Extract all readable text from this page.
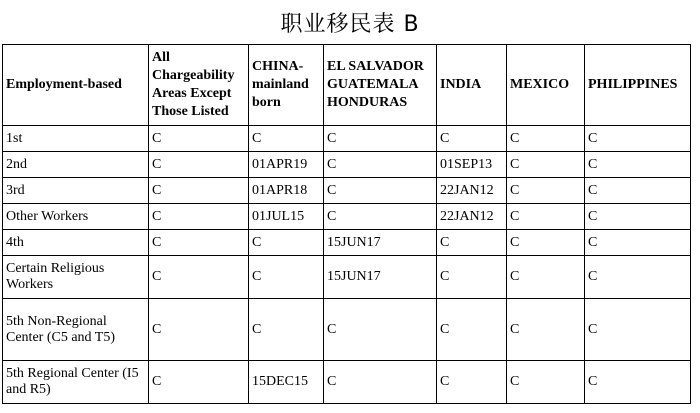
职业移民表 B
Employment-based	All Chargeability Areas Except Those Listed	CHINA-mainland born	EL SALVADOR GUATEMALA HONDURAS	INDIA	MEXICO	PHILIPPINES
1st	C	C	C	C	C	C
2nd	C	01APR19	C	01SEP13	C	C
3rd	C	01APR18	C	22JAN12	C	C
Other Workers	C	01JUL15	C	22JAN12	C	C
4th	C	C	15JUN17	C	C	C
Certain Religious Workers	C	C	15JUN17	C	C	C
5th Non-Regional Center (C5 and T5)	C	C	C	C	C	C
5th Regional Center (I5 and R5)	C	15DEC15	C	C	C	C
